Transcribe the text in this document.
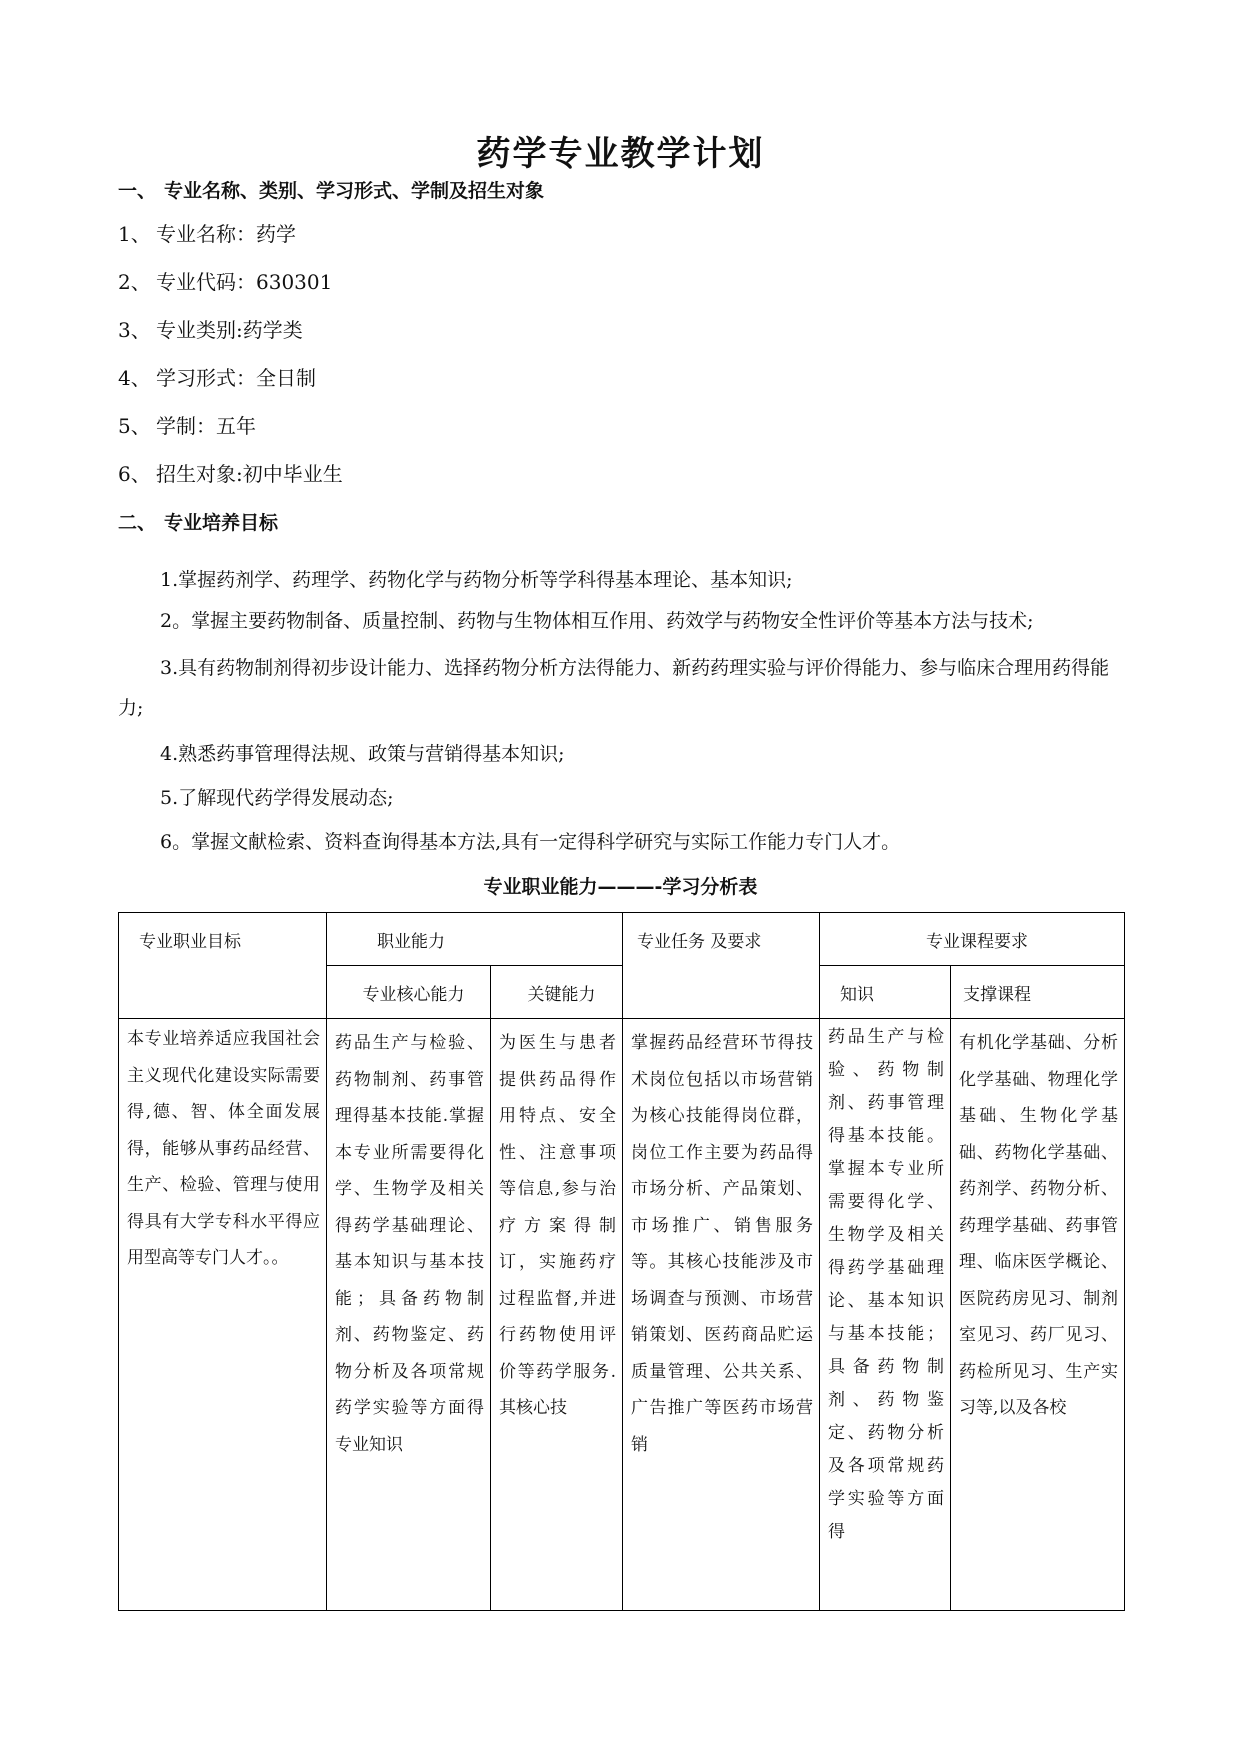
药学专业教学计划
一、 专业名称、类别、学习形式、学制及招生对象
1、 专业名称：药学
2、 专业代码：630301
3、 专业类别:药学类
4、 学习形式：全日制
5、 学制：五年
6、 招生对象:初中毕业生
二、 专业培养目标
1.掌握药剂学、药理学、药物化学与药物分析等学科得基本理论、基本知识;
2。掌握主要药物制备、质量控制、药物与生物体相互作用、药效学与药物安全性评价等基本方法与技术;
3.具有药物制剂得初步设计能力、选择药物分析方法得能力、新药药理实验与评价得能力、参与临床合理用药得能力;
4.熟悉药事管理得法规、政策与营销得基本知识;
5.了解现代药学得发展动态;
6。掌握文献检索、资料查询得基本方法,具有一定得科学研究与实际工作能力专门人才。
专业职业能力———-学习分析表
专业职业目标	职业能力		专业任务 及要求	专业课程要求	
	专业核心能力	关键能力		知识	支撑课程
本专业培养适应我国社会主义现代化建设实际需要得,德、智、体全面发展得，能够从事药品经营、生产、检验、管理与使用得具有大学专科水平得应用型高等专门人才。。	药品生产与检验、药物制剂、药事管理得基本技能.掌握本专业所需要得化学、生物学及相关得药学基础理论、基本知识与基本技能；具备药物制剂、药物鉴定、药物分析及各项常规药学实验等方面得专业知识	为医生与患者提供药品得作用特点、安全性、注意事项等信息,参与治疗方案得制订，实施药疗过程监督,并进行药物使用评价等药学服务.其核心技	掌握药品经营环节得技术岗位包括以市场营销为核心技能得岗位群，岗位工作主要为药品得市场分析、产品策划、市场推广、销售服务等。其核心技能涉及市场调查与预测、市场营销策划、医药商品贮运质量管理、公共关系、广告推广等医药市场营销	药品生产与检验、药物制剂、药事管理得基本技能。掌握本专业所需要得化学、生物学及相关得药学基础理论、基本知识与基本技能；具备药物制剂、药物鉴定、药物分析及各项常规药学实验等方面得	有机化学基础、分析化学基础、物理化学基础、生物化学基础、药物化学基础、药剂学、药物分析、药理学基础、药事管理、临床医学概论、医院药房见习、制剂室见习、药厂见习、药检所见习、生产实习等,以及各校
